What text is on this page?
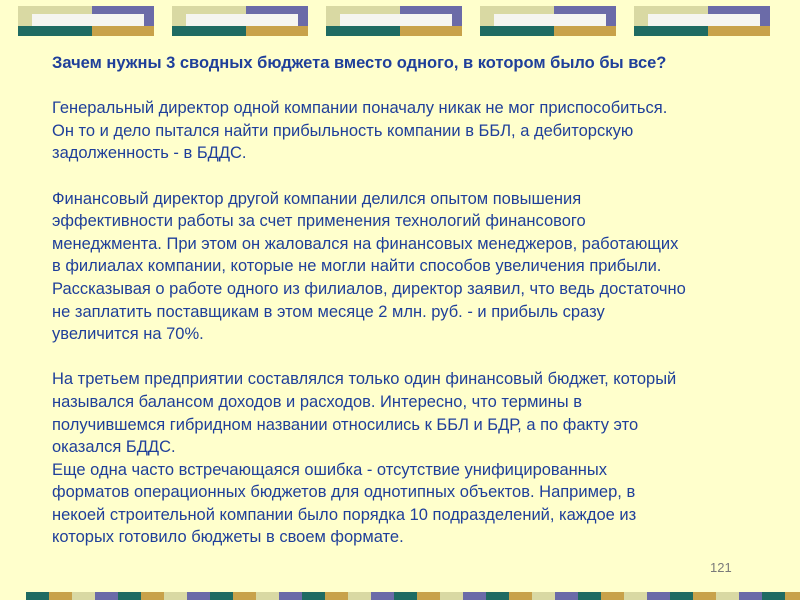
Зачем нужны 3 сводных бюджета вместо одного, в котором было бы все?
Генеральный директор одной компании поначалу никак не мог приспособиться.
Он то и дело пытался найти прибыльность компании в ББЛ, а дебиторскую
задолженность - в БДДС.
Финансовый директор другой компании делился опытом повышения
эффективности работы за счет применения технологий финансового
менеджмента. При этом он жаловался на финансовых менеджеров, работающих
в филиалах компании, которые не могли найти способов увеличения прибыли.
Рассказывая о работе одного из филиалов, директор заявил, что ведь достаточно
не заплатить поставщикам в этом месяце 2 млн. руб. - и прибыль сразу
увеличится на 70%.
На третьем предприятии составлялся только один финансовый бюджет, который
назывался балансом доходов и расходов. Интересно, что термины в
получившемся гибридном названии относились к ББЛ и БДР, а по факту это
оказался БДДС.
Еще одна часто встречающаяся ошибка - отсутствие унифицированных
форматов операционных бюджетов для однотипных объектов. Например, в
некоей строительной компании было порядка 10 подразделений, каждое из
которых готовило бюджеты в своем формате.
121
